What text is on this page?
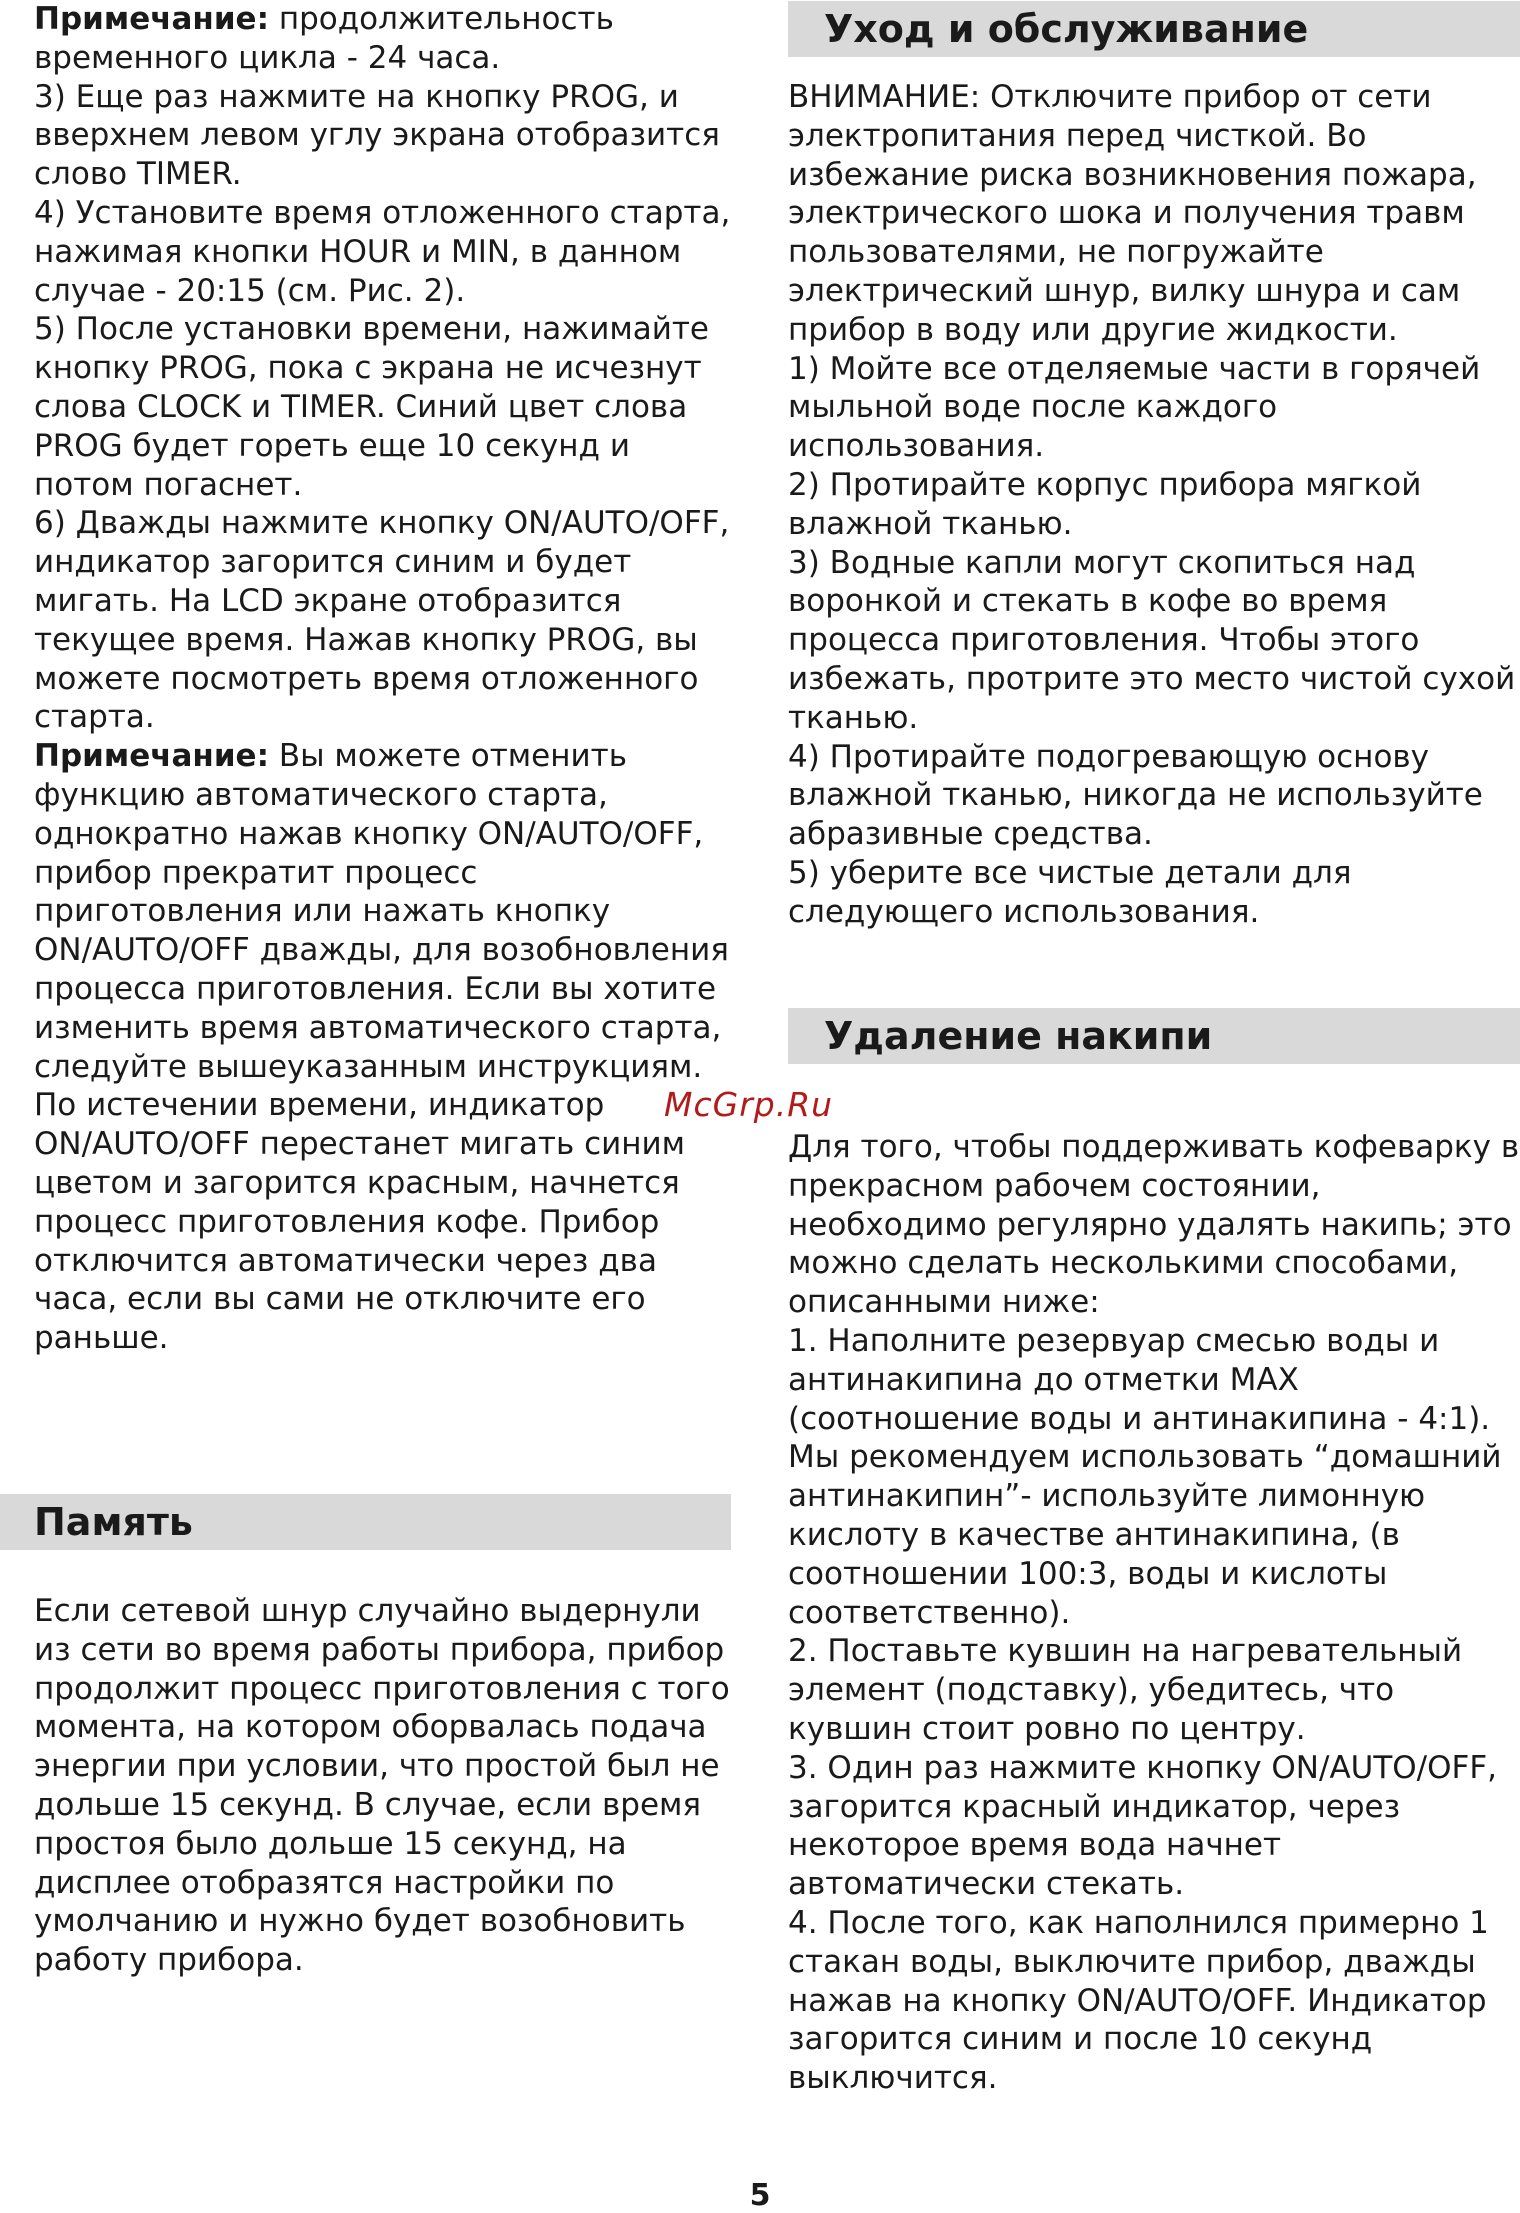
Примечание: продолжительность временного цикла - 24 часа.

3) Еще раз нажмите на кнопку PROG, и вверхнем левом углу экрана отобразится слово TIMER.

4) Установите время отложенного старта, нажимая кнопки HOUR и MIN, в данном случае - 20:15 (см. Рис. 2).

5) После установки времени, нажимайте кнопку PROG, пока с экрана не исчезнут слова CLOCK и TIMER. Синий цвет слова PROG будет гореть еще 10 секунд и потом погаснет.

6) Дважды нажмите кнопку ON/AUTO/OFF, индикатор загорится синим и будет мигать. На LCD экране отобразится текущее время. Нажав кнопку PROG, вы можете посмотреть время отложенного старта.

Примечание: Вы можете отменить функцию автоматического старта, однократно нажав кнопку ON/AUTO/OFF, прибор прекратит процесс приготовления или нажать кнопку ON/AUTO/OFF дважды, для возобновления процесса приготовления. Если вы хотите изменить время автоматического старта, следуйте вышеуказанным инструкциям.

По истечении времени, индикатор ON/AUTO/OFF перестанет мигать синим цветом и загорится красным, начнется процесс приготовления кофе. Прибор отключится автоматически через два часа, если вы сами не отключите его раньше.

Память

Если сетевой шнур случайно выдернули из сети во время работы прибора, прибор продолжит процесс приготовления с того момента, на котором оборвалась подача энергии при условии, что простой был не дольше 15 секунд. В случае, если время простоя было дольше 15 секунд, на дисплее отобразятся настройки по умолчанию и нужно будет возобновить работу прибора.

Уход и обслуживание

ВНИМАНИЕ: Отключите прибор от сети электропитания перед чисткой. Во избежание риска возникновения пожара, электрического шока и получения травм пользователями, не погружайте электрический шнур, вилку шнура и сам прибор в воду или другие жидкости.

1) Мойте все отделяемые части в горячей мыльной воде после каждого использования.

2) Протирайте корпус прибора мягкой влажной тканью.

3) Водные капли могут скопиться над воронкой и стекать в кофе во время процесса приготовления. Чтобы этого избежать, протрите это место чистой сухой тканью.

4) Протирайте подогревающую основу влажной тканью, никогда не используйте абразивные средства.

5) уберите все чистые детали для следующего использования.

Удаление накипи
McGrp.Ru

Для того, чтобы поддерживать кофеварку в прекрасном рабочем состоянии, необходимо регулярно удалять накипь; это можно сделать несколькими способами, описанными ниже:

1. Наполните резервуар смесью воды и антинакипина до отметки MAX (соотношение воды и антинакипина - 4:1). Мы рекомендуем использовать “домашний антинакипин”- используйте лимонную кислоту в качестве антинакипина, (в соотношении 100:3, воды и кислоты соответственно).

2. Поставьте кувшин на нагревательный элемент (подставку), убедитесь, что кувшин стоит ровно по центру.

3. Один раз нажмите кнопку ON/AUTO/OFF, загорится красный индикатор, через некоторое время вода начнет автоматически стекать.

4. После того, как наполнился примерно 1 стакан воды, выключите прибор, дважды нажав на кнопку ON/AUTO/OFF. Индикатор загорится синим и после 10 секунд выключится.

5
